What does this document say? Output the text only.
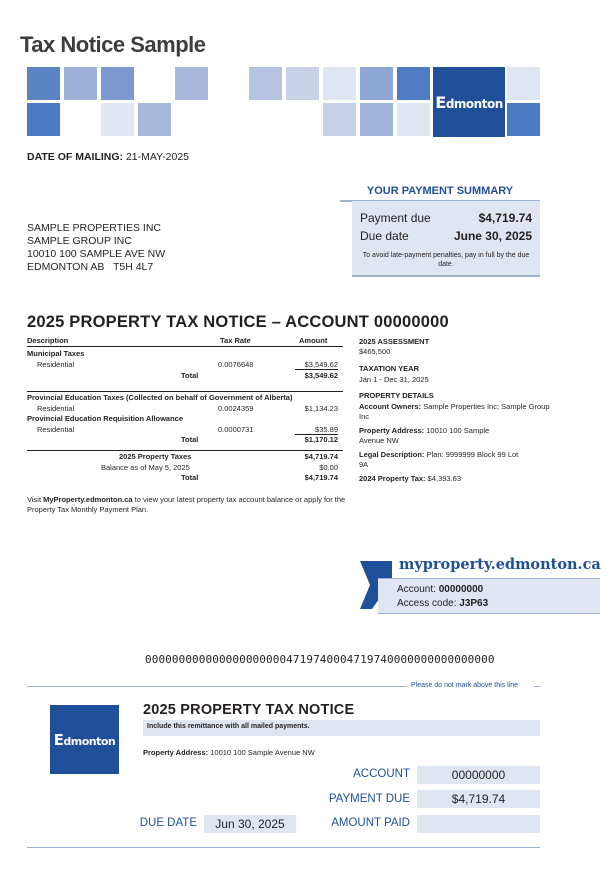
Tax Notice Sample
Edmonton
DATE OF MAILING: 21-MAY-2025
YOUR PAYMENT SUMMARY
Payment due	$4,719.74
Due date	June 30, 2025
To avoid late-payment penalties, pay in full by the due date.
SAMPLE PROPERTIES INC
SAMPLE GROUP INC
10010 100 SAMPLE AVE NW
EDMONTON AB   T5H 4L7
2025 PROPERTY TAX NOTICE – ACCOUNT 00000000
Description	Tax Rate	Amount
Municipal Taxes
Residential	0.0076648	$3,549.62
Total	$3,549.62
Provincial Education Taxes (Collected on behalf of Government of Alberta)
Residential	0.0024359	$1,134.23
Provincial Education Requisition Allowance
Residential	0.0000731	$35.89
Total	$1,170.12
2025 Property Taxes	$4,719.74
Balance as of May 5, 2025	$0.00
Total	$4,719.74
2025 ASSESSMENT
$465,500
TAXATION YEAR
Jan 1 - Dec 31, 2025
PROPERTY DETAILS
Account Owners: Sample Properties Inc; Sample Group Inc
Property Address: 10010 100 Sample Avenue NW
Legal Description: Plan: 9999999 Block 99 Lot 9A
2024 Property Tax: $4,393.63
Visit MyProperty.edmonton.ca to view your latest property tax account balance or apply for the Property Tax Monthly Payment Plan.
myproperty.edmonton.ca
Account: 00000000
Access code: J3P63
0000000000000000000004719740004719740000000000000000
Please do not mark above this line
Edmonton
2025 PROPERTY TAX NOTICE
Include this remittance with all mailed payments.
Property Address: 10010 100 Sample Avenue NW
ACCOUNT	00000000
PAYMENT DUE	$4,719.74
DUE DATE	Jun 30, 2025	AMOUNT PAID
